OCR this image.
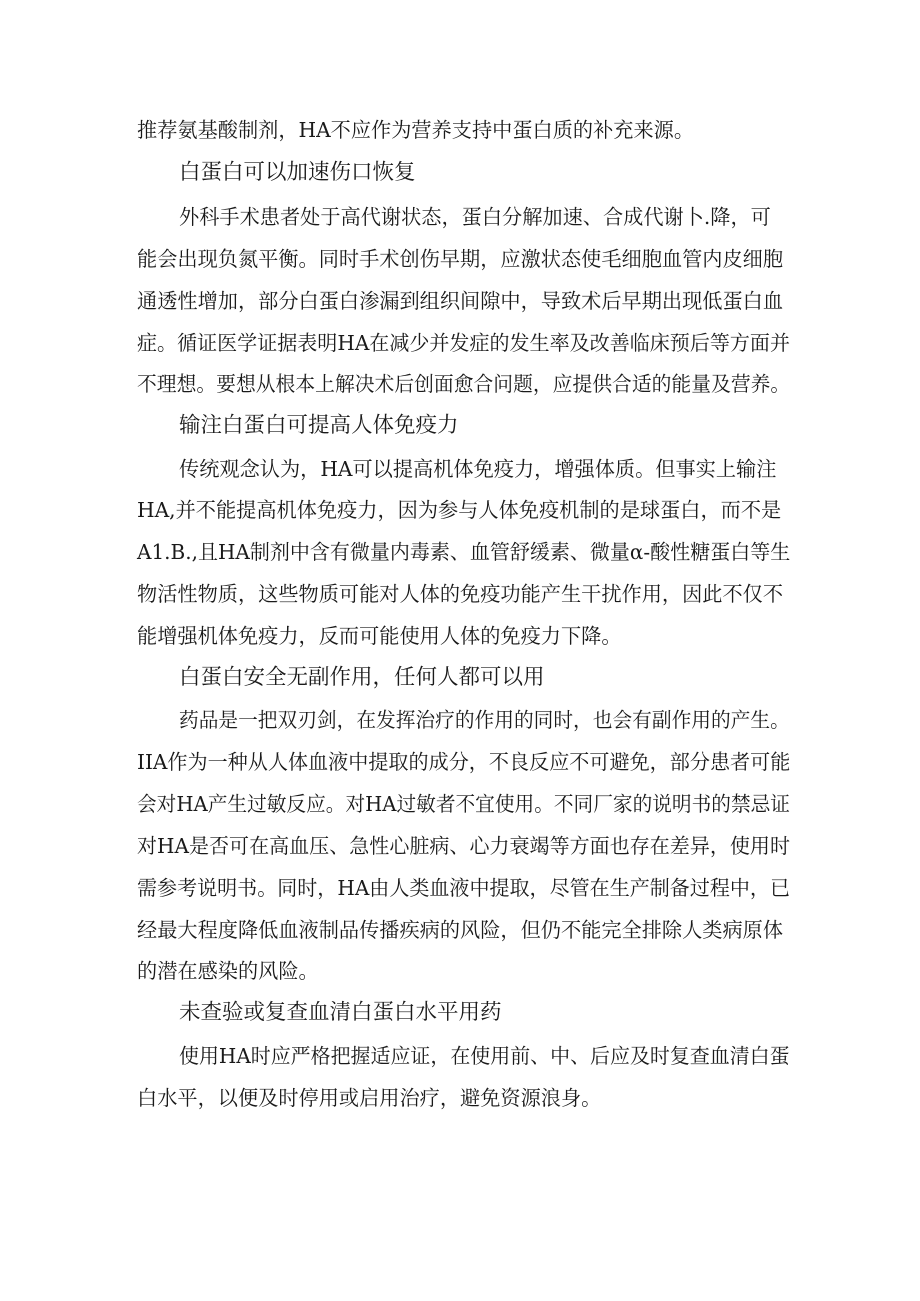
推荐氨基酸制剂，HA不应作为营养支持中蛋白质的补充来源。
白蛋白可以加速伤口恢复
外科手术患者处于高代谢状态，蛋白分解加速、合成代谢卜.降，可
能会出现负氮平衡。同时手术创伤早期，应激状态使毛细胞血管内皮细胞
通透性增加，部分白蛋白渗漏到组织间隙中，导致术后早期出现低蛋白血
症。循证医学证据表明HA在减少并发症的发生率及改善临床预后等方面并
不理想。要想从根本上解决术后创面愈合问题，应提供合适的能量及营养。
输注白蛋白可提高人体免疫力
传统观念认为，HA可以提高机体免疫力，增强体质。但事实上输注
HA,并不能提高机体免疫力，因为参与人体免疫机制的是球蛋白，而不是
A1.B.,且HA制剂中含有微量内毒素、血管舒缓素、微量α-酸性糖蛋白等生
物活性物质，这些物质可能对人体的免疫功能产生干扰作用，因此不仅不
能增强机体免疫力，反而可能使用人体的免疫力下降。
白蛋白安全无副作用，任何人都可以用
药品是一把双刃剑，在发挥治疗的作用的同时，也会有副作用的产生。
IIA作为一种从人体血液中提取的成分，不良反应不可避免，部分患者可能
会对HA产生过敏反应。对HA过敏者不宜使用。不同厂家的说明书的禁忌证
对HA是否可在高血压、急性心脏病、心力衰竭等方面也存在差异，使用时
需参考说明书。同时，HA由人类血液中提取，尽管在生产制备过程中，已
经最大程度降低血液制品传播疾病的风险，但仍不能完全排除人类病原体
的潜在感染的风险。
未查验或复查血清白蛋白水平用药
使用HA时应严格把握适应证，在使用前、中、后应及时复查血清白蛋
白水平，以便及时停用或启用治疗，避免资源浪身。
